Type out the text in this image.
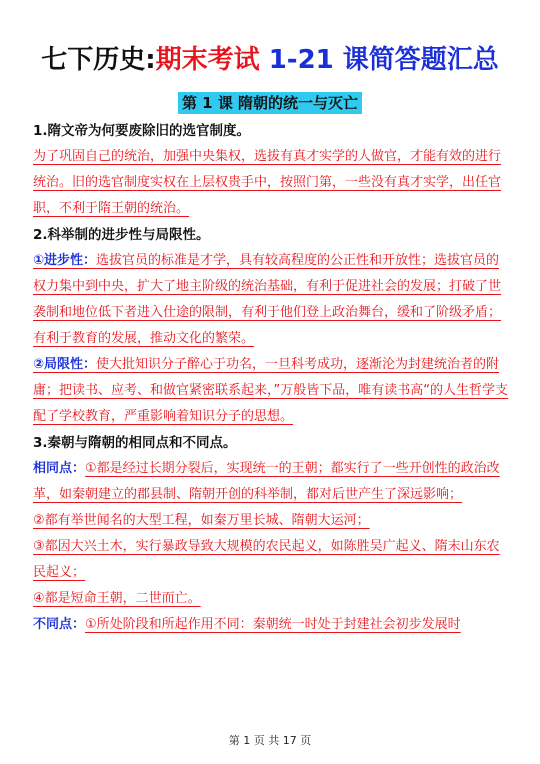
七下历史:期末考试 1-21 课简答题汇总
第 1 课 隋朝的统一与灭亡
1.隋文帝为何要废除旧的选官制度。

为了巩固自己的统治，加强中央集权，选拔有真才实学的人做官，才能有效的进行统治。旧的选官制度实权在上层权贵手中，按照门第，一些没有真才实学，出任官职，不利于隋王朝的统治。

2.科举制的进步性与局限性。

①进步性：选拔官员的标准是才学，具有较高程度的公正性和开放性；选拔官员的权力集中到中央，扩大了地主阶级的统治基础，有利于促进社会的发展；打破了世袭制和地位低下者进入仕途的限制，有利于他们登上政治舞台，缓和了阶级矛盾；有利于教育的发展，推动文化的繁荣。

②局限性：使大批知识分子醉心于功名，一旦科考成功，逐渐沦为封建统治者的附庸；把读书、应考、和做官紧密联系起来，”万般皆下品，唯有读书高“的人生哲学支配了学校教育，严重影响着知识分子的思想。

3.秦朝与隋朝的相同点和不同点。

相同点：①都是经过长期分裂后，实现统一的王朝；都实行了一些开创性的政治改革，如秦朝建立的郡县制、隋朝开创的科举制，都对后世产生了深远影响；

②都有举世闻名的大型工程，如秦万里长城、隋朝大运河；

③都因大兴土木，实行暴政导致大规模的农民起义，如陈胜吴广起义、隋末山东农民起义；

④都是短命王朝，二世而亡。

不同点：①所处阶段和所起作用不同：秦朝统一时处于封建社会初步发展时

第 1 页 共 17 页
